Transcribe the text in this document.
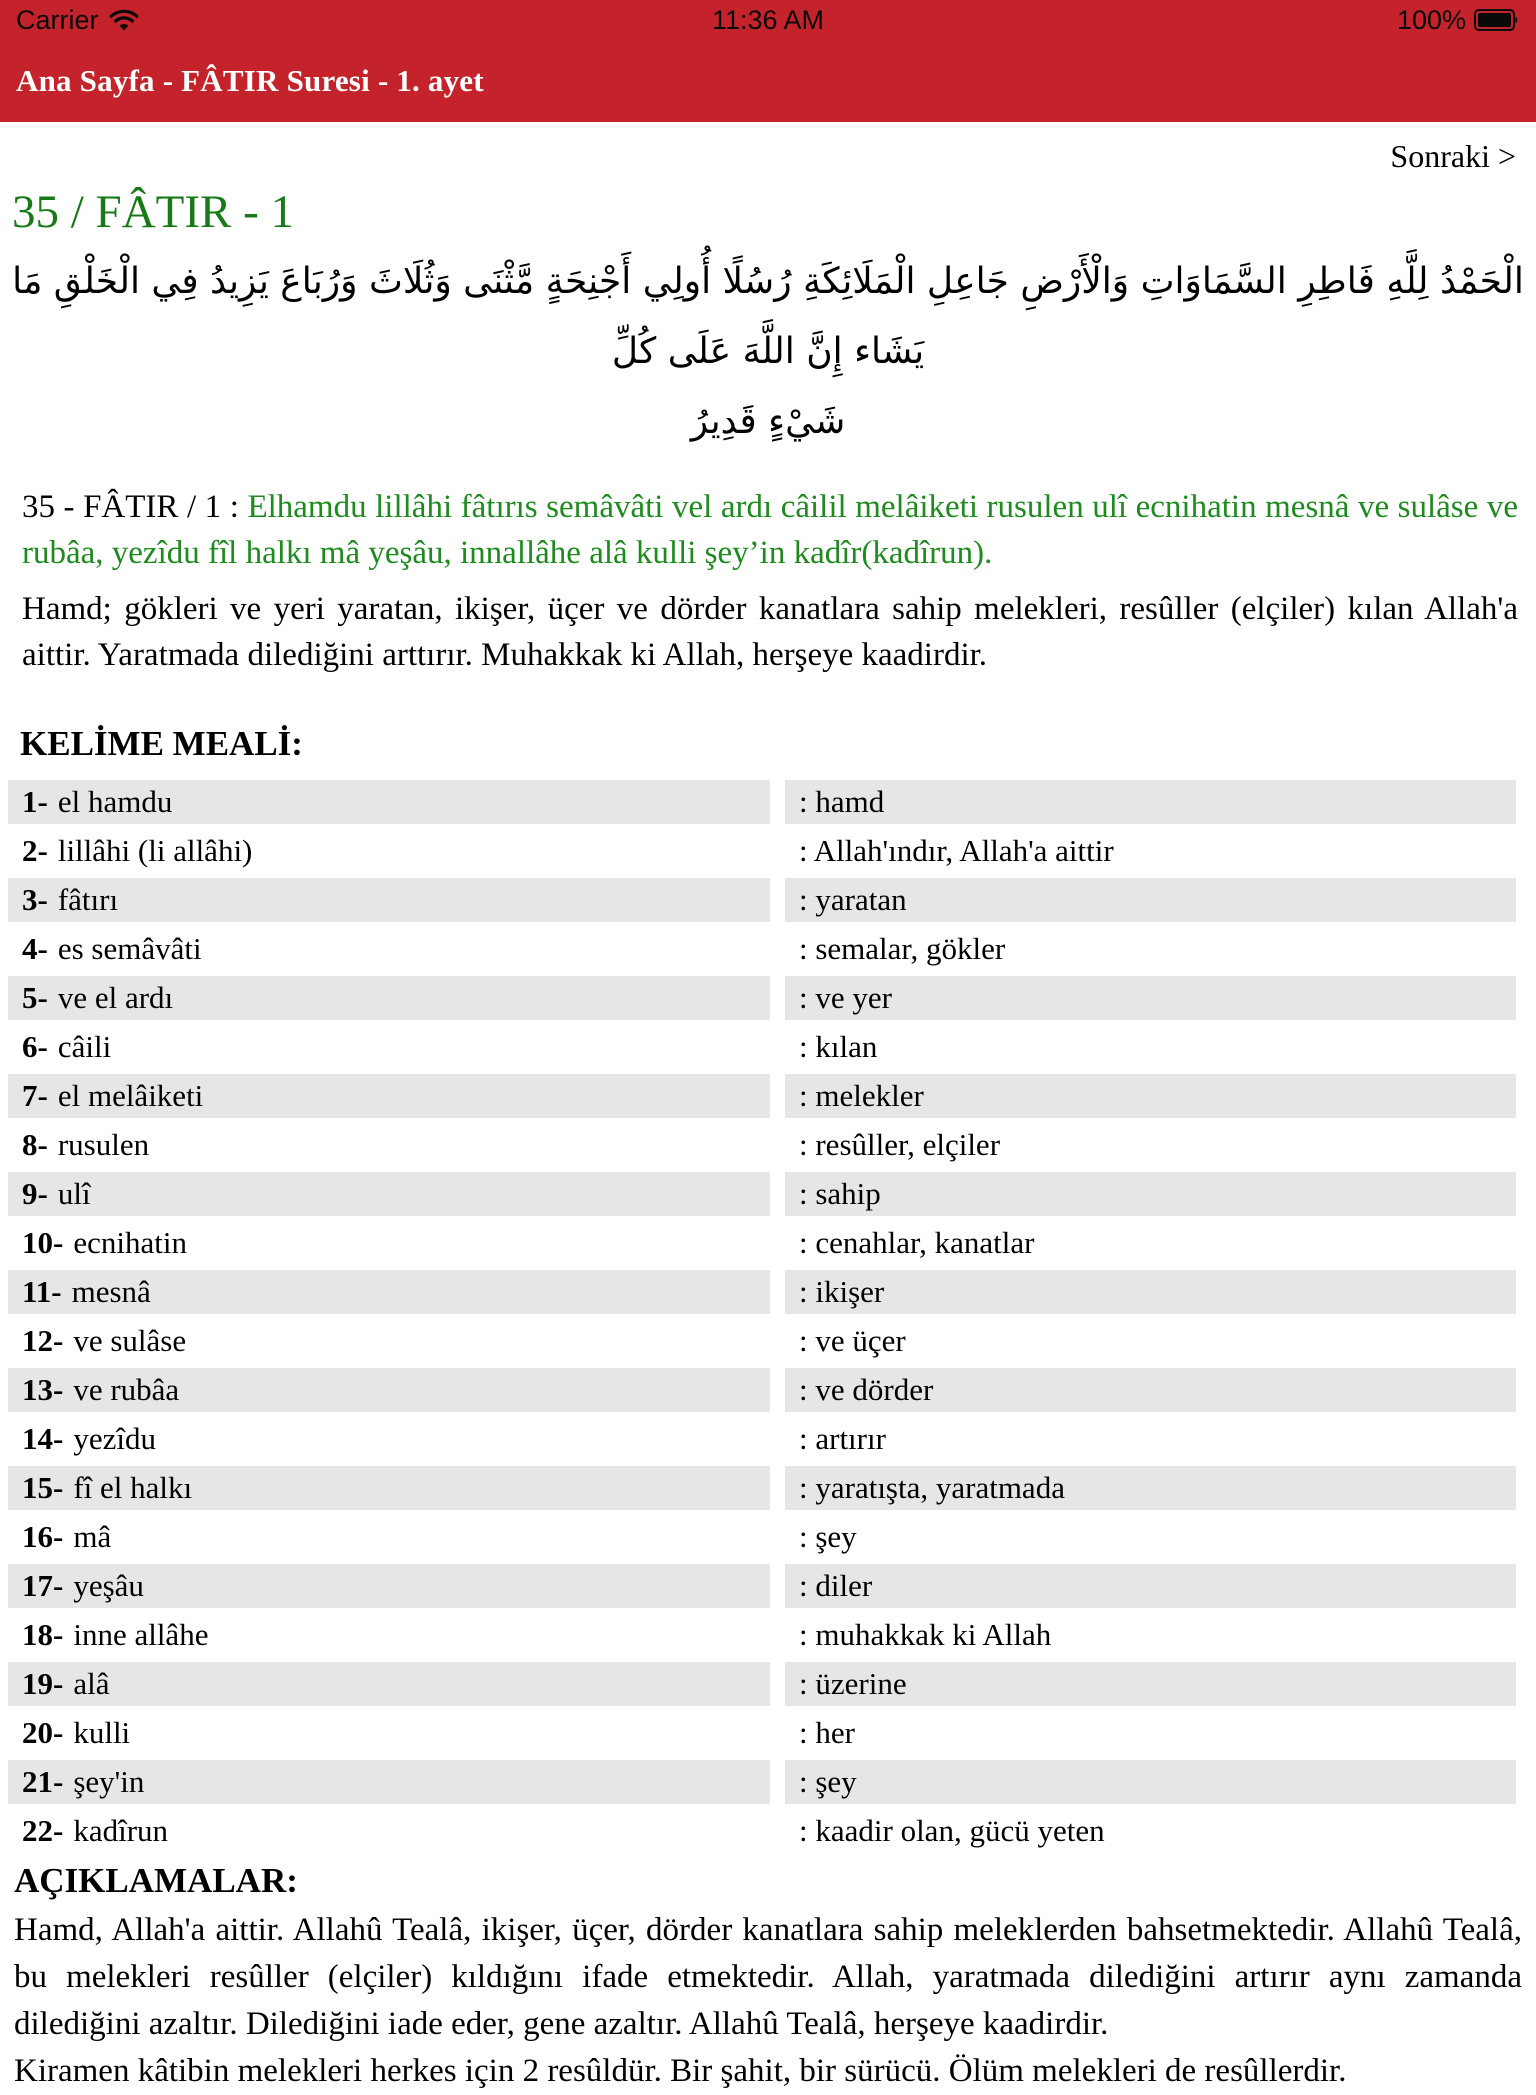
Carrier	11:36 AM	100%
Ana Sayfa - FÂTIR Suresi - 1. ayet
Sonraki >
35 / FÂTIR - 1
الْحَمْدُ لِلَّهِ فَاطِرِ السَّمَاوَاتِ وَالْأَرْضِ جَاعِلِ الْمَلَائِكَةِ رُسُلًا أُولِي أَجْنِحَةٍ مَّثْنَى وَثُلَاثَ وَرُبَاعَ يَزِيدُ فِي الْخَلْقِ مَا يَشَاء إِنَّ اللَّهَ عَلَى كُلِّ
شَيْءٍ قَدِيرُ

35 - FÂTIR / 1 : Elhamdu lillâhi fâtırıs semâvâti vel ardı câilil melâiketi rusulen ulî ecnihatin mesnâ ve sulâse ve rubâa, yezîdu fîl halkı mâ yeşâu, innallâhe alâ kulli şey’in kadîr(kadîrun).

Hamd; gökleri ve yeri yaratan, ikişer, üçer ve dörder kanatlara sahip melekleri, resûller (elçiler) kılan Allah'a aittir. Yaratmada dilediğini arttırır. Muhakkak ki Allah, herşeye kaadirdir.

KELİME MEALİ:
1- el hamdu	: hamd
2- lillâhi (li allâhi)	: Allah'ındır, Allah'a aittir
3- fâtırı	: yaratan
4- es semâvâti	: semalar, gökler
5- ve el ardı	: ve yer
6- câili	: kılan
7- el melâiketi	: melekler
8- rusulen	: resûller, elçiler
9- ulî	: sahip
10- ecnihatin	: cenahlar, kanatlar
11- mesnâ	: ikişer
12- ve sulâse	: ve üçer
13- ve rubâa	: ve dörder
14- yezîdu	: artırır
15- fî el halkı	: yaratışta, yaratmada
16- mâ	: şey
17- yeşâu	: diler
18- inne allâhe	: muhakkak ki Allah
19- alâ	: üzerine
20- kulli	: her
21- şey'in	: şey
22- kadîrun	: kaadir olan, gücü yeten
AÇIKLAMALAR:

Hamd, Allah'a aittir. Allahû Tealâ, ikişer, üçer, dörder kanatlara sahip meleklerden bahsetmektedir. Allahû Tealâ, bu melekleri resûller (elçiler) kıldığını ifade etmektedir. Allah, yaratmada dilediğini artırır aynı zamanda dilediğini azaltır. Dilediğini iade eder, gene azaltır. Allahû Tealâ, herşeye kaadirdir.

Kiramen kâtibin melekleri herkes için 2 resûldür. Bir şahit, bir sürücü. Ölüm melekleri de resûllerdir.
